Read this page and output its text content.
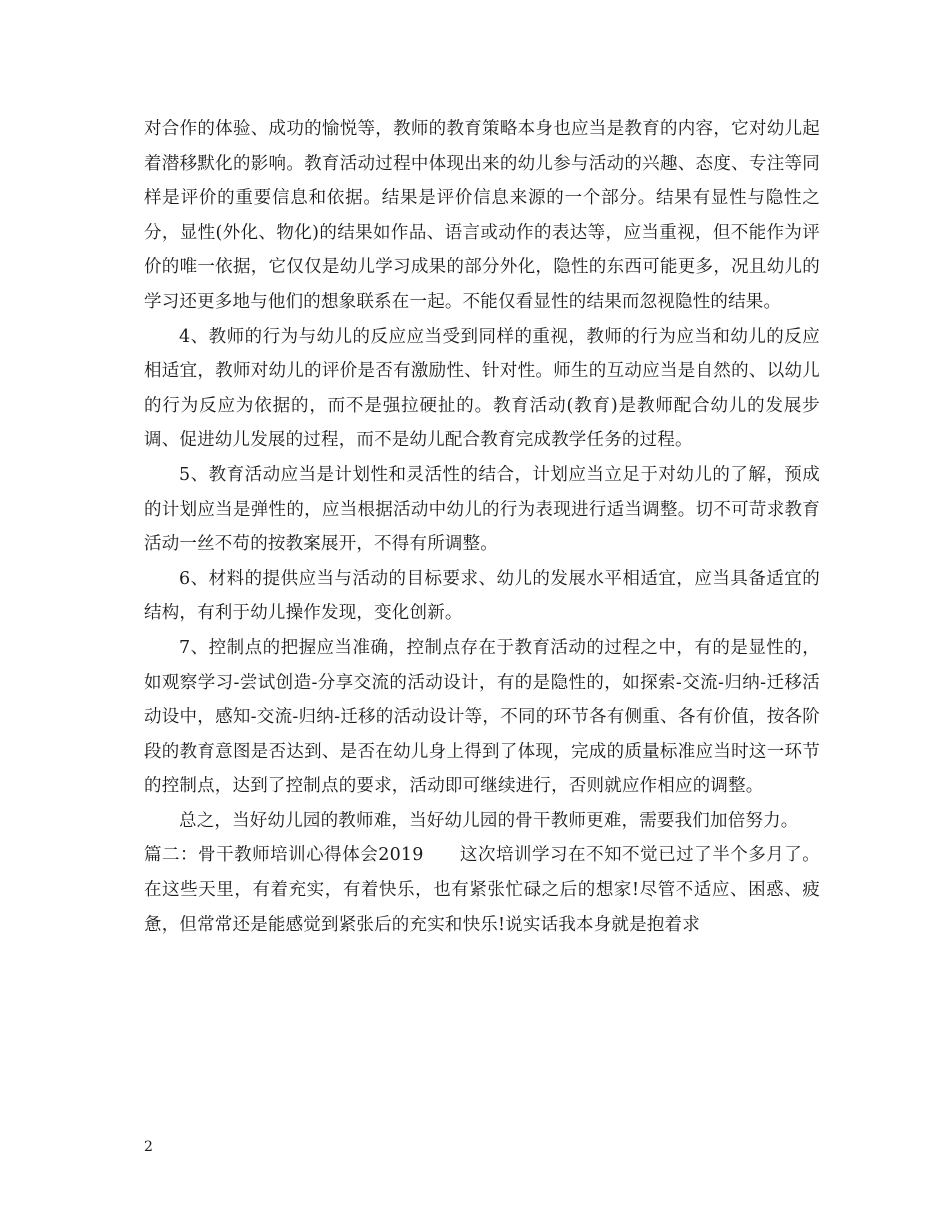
对合作的体验、成功的愉悦等，教师的教育策略本身也应当是教育的内容，它对幼儿起着潜移默化的影响。教育活动过程中体现出来的幼儿参与活动的兴趣、态度、专注等同样是评价的重要信息和依据。结果是评价信息来源的一个部分。结果有显性与隐性之分，显性(外化、物化)的结果如作品、语言或动作的表达等，应当重视，但不能作为评价的唯一依据，它仅仅是幼儿学习成果的部分外化，隐性的东西可能更多，况且幼儿的学习还更多地与他们的想象联系在一起。不能仅看显性的结果而忽视隐性的结果。

4、教师的行为与幼儿的反应应当受到同样的重视，教师的行为应当和幼儿的反应相适宜，教师对幼儿的评价是否有激励性、针对性。师生的互动应当是自然的、以幼儿的行为反应为依据的，而不是强拉硬扯的。教育活动(教育)是教师配合幼儿的发展步调、促进幼儿发展的过程，而不是幼儿配合教育完成教学任务的过程。

5、教育活动应当是计划性和灵活性的结合，计划应当立足于对幼儿的了解，预成的计划应当是弹性的，应当根据活动中幼儿的行为表现进行适当调整。切不可苛求教育活动一丝不苟的按教案展开，不得有所调整。

6、材料的提供应当与活动的目标要求、幼儿的发展水平相适宜，应当具备适宜的结构，有利于幼儿操作发现，变化创新。

7、控制点的把握应当准确，控制点存在于教育活动的过程之中，有的是显性的，如观察学习-尝试创造-分享交流的活动设计，有的是隐性的，如探索-交流-归纳-迁移活动设中，感知-交流-归纳-迁移的活动设计等，不同的环节各有侧重、各有价值，按各阶段的教育意图是否达到、是否在幼儿身上得到了体现，完成的质量标准应当时这一环节的控制点，达到了控制点的要求，活动即可继续进行，否则就应作相应的调整。

总之，当好幼儿园的教师难，当好幼儿园的骨干教师更难，需要我们加倍努力。

篇二：骨干教师培训心得体会2019　　这次培训学习在不知不觉已过了半个多月了。在这些天里，有着充实，有着快乐，也有紧张忙碌之后的想家!尽管不适应、困惑、疲惫，但常常还是能感觉到紧张后的充实和快乐!说实话我本身就是抱着求

2
